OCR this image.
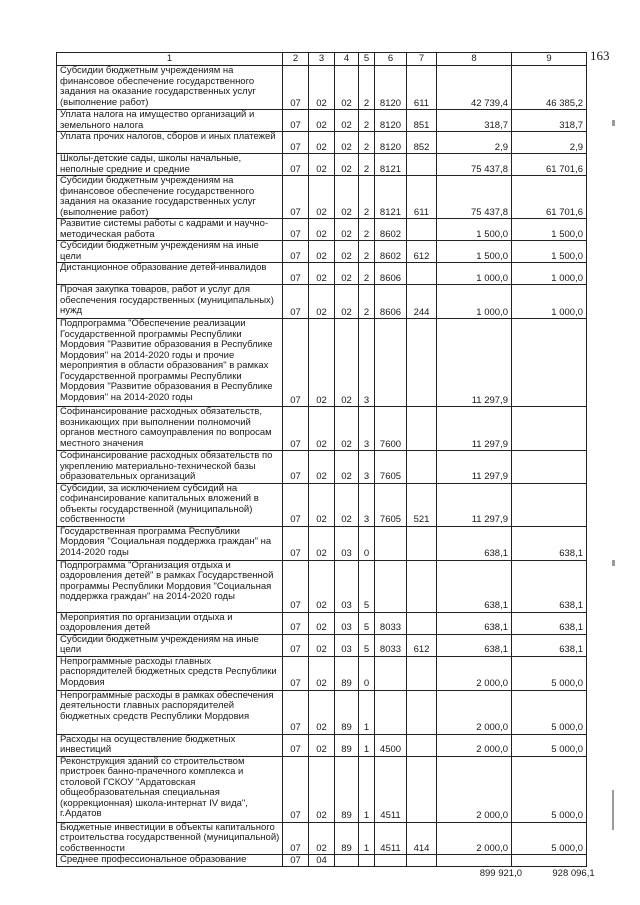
163
1	2	3	4	5	6	7	8	9
Субсидии бюджетным учреждениям на финансовое обеспечение государственного задания на оказание государственных услуг (выполнение работ)	07	02	02	2	8120	611	42 739,4	46 385,2
Уплата налога на имущество организаций и земельного налога	07	02	02	2	8120	851	318,7	318,7
Уплата прочих налогов, сборов и иных платежей	07	02	02	2	8120	852	2,9	2,9
Школы-детские сады, школы начальные, неполные средние и средние	07	02	02	2	8121		75 437,8	61 701,6
Субсидии бюджетным учреждениям на финансовое обеспечение государственного задания на оказание государственных услуг (выполнение работ)	07	02	02	2	8121	611	75 437,8	61 701,6
Развитие системы работы с кадрами и научно-методическая работа	07	02	02	2	8602		1 500,0	1 500,0
Субсидии бюджетным учреждениям на иные цели	07	02	02	2	8602	612	1 500,0	1 500,0
Дистанционное образование детей-инвалидов	07	02	02	2	8606		1 000,0	1 000,0
Прочая закупка товаров, работ и услуг для обеспечения государственных (муниципальных) нужд	07	02	02	2	8606	244	1 000,0	1 000,0
Подпрограмма "Обеспечение реализации Государственной программы Республики Мордовия "Развитие образования в Республике Мордовия" на 2014-2020 годы и прочие мероприятия в области образования" в рамках Государственной программы Республики Мордовия "Развитие образования в Республике Мордовия" на 2014-2020 годы	07	02	02	3			11 297,9	
Софинансирование расходных обязательств, возникающих при выполнении полномочий органов местного самоуправления по вопросам местного значения	07	02	02	3	7600		11 297,9	
Софинансирование расходных обязательств по укреплению материально-технической базы образовательных организаций	07	02	02	3	7605		11 297,9	
Субсидии, за исключением субсидий на софинансирование капитальных вложений в объекты государственной (муниципальной) собственности	07	02	02	3	7605	521	11 297,9	
Государственная программа Республики Мордовия "Социальная поддержка граждан" на 2014-2020 годы	07	02	03	0			638,1	638,1
Подпрограмма "Организация отдыха и оздоровления детей" в рамках Государственной программы Республики Мордовия "Социальная поддержка граждан" на 2014-2020 годы	07	02	03	5			638,1	638,1
Мероприятия по организации отдыха и оздоровления детей	07	02	03	5	8033		638,1	638,1
Субсидии бюджетным учреждениям на иные цели	07	02	03	5	8033	612	638,1	638,1
Непрограммные расходы главных распорядителей бюджетных средств Республики Мордовия	07	02	89	0			2 000,0	5 000,0
Непрограммные расходы в рамках обеспечения деятельности главных распорядителей бюджетных средств Республики Мордовия	07	02	89	1			2 000,0	5 000,0
Расходы на осуществление бюджетных инвестиций	07	02	89	1	4500		2 000,0	5 000,0
Реконструкция зданий со строительством пристроек банно-прачечного комплекса и столовой ГСКОУ "Ардатовская общеобразовательная специальная (коррекционная) школа-интернат IV вида", г.Ардатов	07	02	89	1	4511		2 000,0	5 000,0
Бюджетные инвестиции в объекты капитального строительства государственной (муниципальной) собственности	07	02	89	1	4511	414	2 000,0	5 000,0
Среднее профессиональное образование	07	04						
899 921,0	928 096,1
